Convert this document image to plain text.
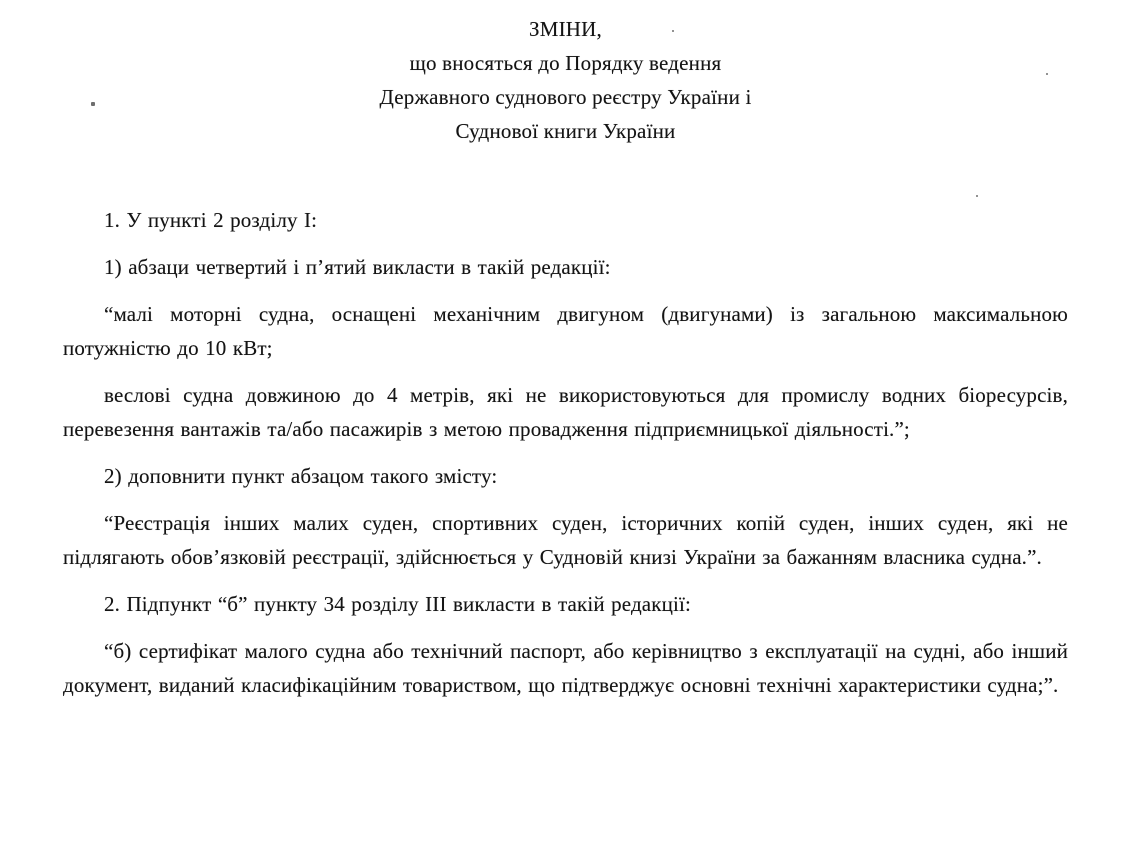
ЗМІНИ,
що вносяться до Порядку ведення
Державного суднового реєстру України і
Суднової книги України

1. У пункті 2 розділу I:

1) абзаци четвертий і п’ятий викласти в такій редакції:

“малі моторні судна, оснащені механічним двигуном (двигунами) із загальною максимальною потужністю до 10 кВт;

веслові судна довжиною до 4 метрів, які не використовуються для промислу водних біоресурсів, перевезення вантажів та/або пасажирів з метою провадження підприємницької діяльності.”;

2) доповнити пункт абзацом такого змісту:

“Реєстрація інших малих суден, спортивних суден, історичних копій суден, інших суден, які не підлягають обов’язковій реєстрації, здійснюється у Судновій книзі України за бажанням власника судна.”.

2. Підпункт “б” пункту 34 розділу III викласти в такій редакції:

“б) сертифікат малого судна або технічний паспорт, або керівництво з експлуатації на судні, або інший документ, виданий класифікаційним товариством, що підтверджує основні технічні характеристики судна;”.
